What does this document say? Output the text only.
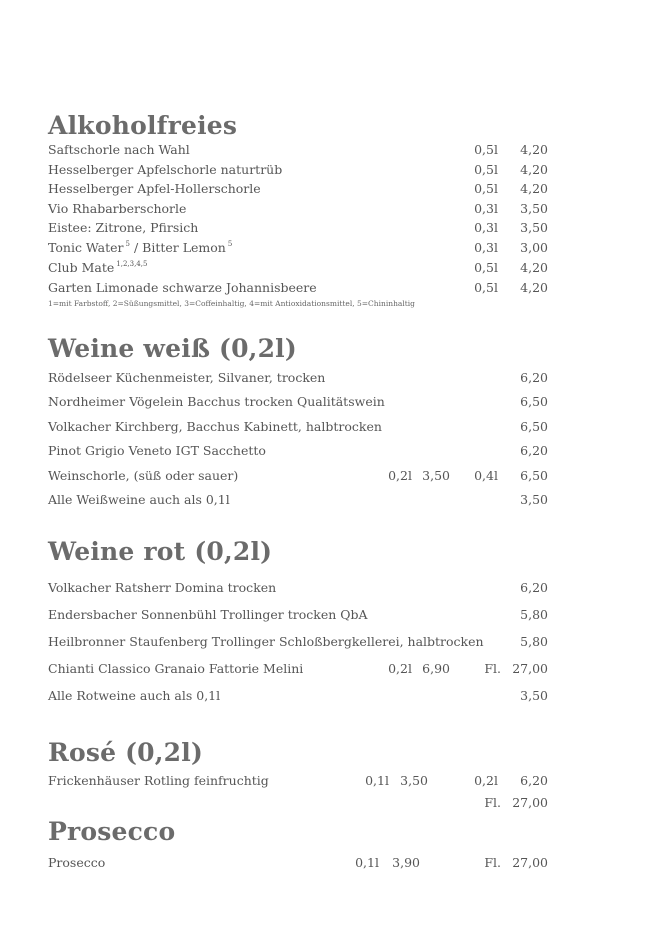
Alkoholfreies
Saftschorle nach Wahl	0,5l 4,20
Hesselberger Apfelschorle naturtrüb	0,5l 4,20
Hesselberger Apfel-Hollerschorle	0,5l 4,20
Vio Rhabarberschorle	0,3l 3,50
Eistee: Zitrone, Pfirsich	0,3l 3,50
Tonic Water $^5$ / Bitter Lemon $^5$	0,3l 3,00
Club Mate $^{1,2,3,4,5}$	0,5l 4,20
Garten Limonade schwarze Johannisbeere	0,5l 4,20
1=mit Farbstoff, 2=Süßungsmittel, 3=Coffeinhaltig, 4=mit Antioxidationsmittel, 5=Chininhaltig
Weine weiß (0,2l)
Rödelseer Küchenmeister, Silvaner, trocken	6,20
Nordheimer Vögelein Bacchus trocken Qualitätswein	6,50
Volkacher Kirchberg, Bacchus Kabinett, halbtrocken	6,50
Pinot Grigio Veneto IGT Sacchetto	6,20
Weinschorle, (süß oder sauer)	0,2l 3,50 0,4l 6,50
Alle Weißweine auch als 0,1l	3,50
Weine rot (0,2l)
Volkacher Ratsherr Domina trocken	6,20
Endersbacher Sonnenbühl Trollinger trocken QbA	5,80
Heilbronner Staufenberg Trollinger Schloßbergkellerei, halbtrocken	5,80
Chianti Classico Granaio Fattorie Melini	0,2l 6,90	Fl. 27,00
Alle Rotweine auch als 0,1l	3,50
Rosé (0,2l)
Frickenhäuser Rotling feinfruchtig	0,1l 3,50	0,2l 6,20
Fl. 27,00
Prosecco
Prosecco	0,1l 3,90	Fl. 27,00
